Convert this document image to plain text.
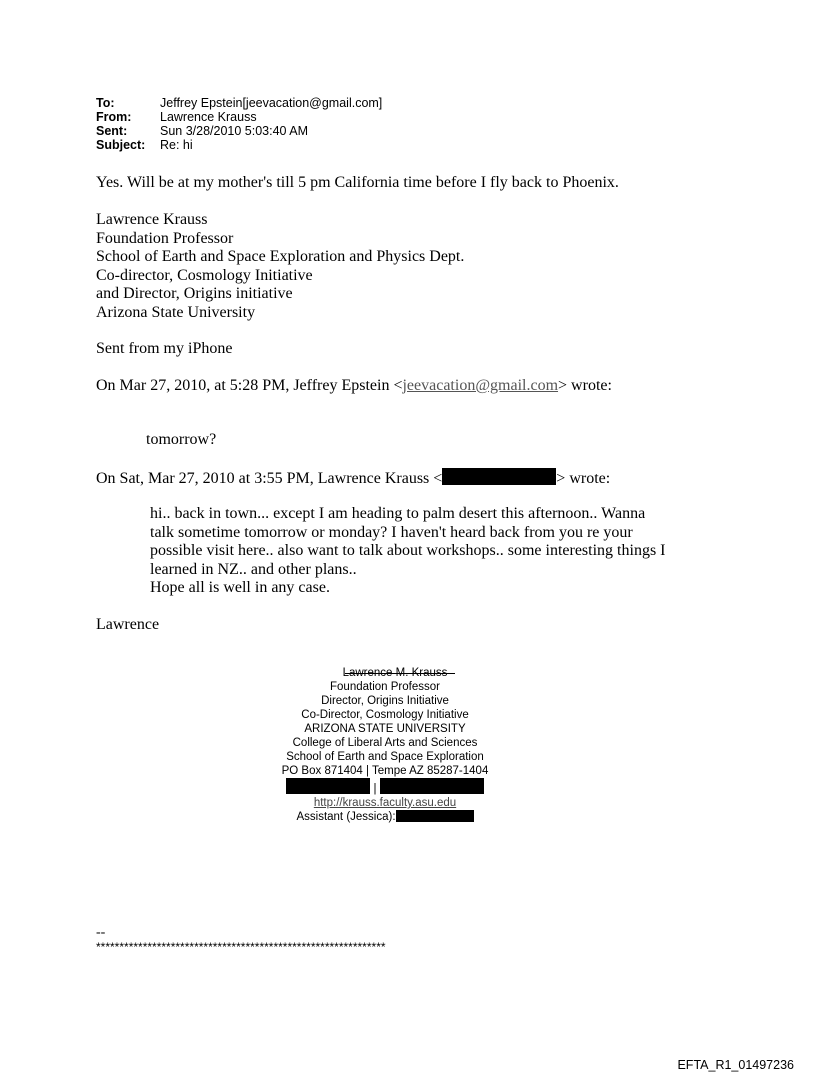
To:	Jeffrey Epstein[jeevacation@gmail.com]
From:	Lawrence Krauss
Sent:	Sun 3/28/2010 5:03:40 AM
Subject:	Re: hi
Yes. Will be at my mother's till 5 pm California time before I fly back to Phoenix.
Lawrence Krauss
Foundation Professor
School of Earth and Space Exploration and Physics Dept.
Co-director, Cosmology Initiative
and Director, Origins initiative
Arizona State University
Sent from my iPhone
On Mar 27, 2010, at 5:28 PM, Jeffrey Epstein <jeevacation@gmail.com> wrote:
tomorrow?
On Sat, Mar 27, 2010 at 3:55 PM, Lawrence Krauss <	> wrote:
hi.. back in town... except I am heading to palm desert this afternoon.. Wanna
talk sometime tomorrow or monday? I haven't heard back from you re your
possible visit here.. also want to talk about workshops.. some interesting things I
learned in NZ.. and other plans..
Hope all is well in any case.
Lawrence
Lawrence M. Krauss
Foundation Professor
Director, Origins Initiative
Co-Director, Cosmology Initiative
ARIZONA STATE UNIVERSITY
College of Liberal Arts and Sciences
School of Earth and Space Exploration
PO Box 871404 | Tempe AZ 85287-1404
|
http://krauss.faculty.asu.edu
Assistant (Jessica):
--
**************************************************************
EFTA_R1_01497236
